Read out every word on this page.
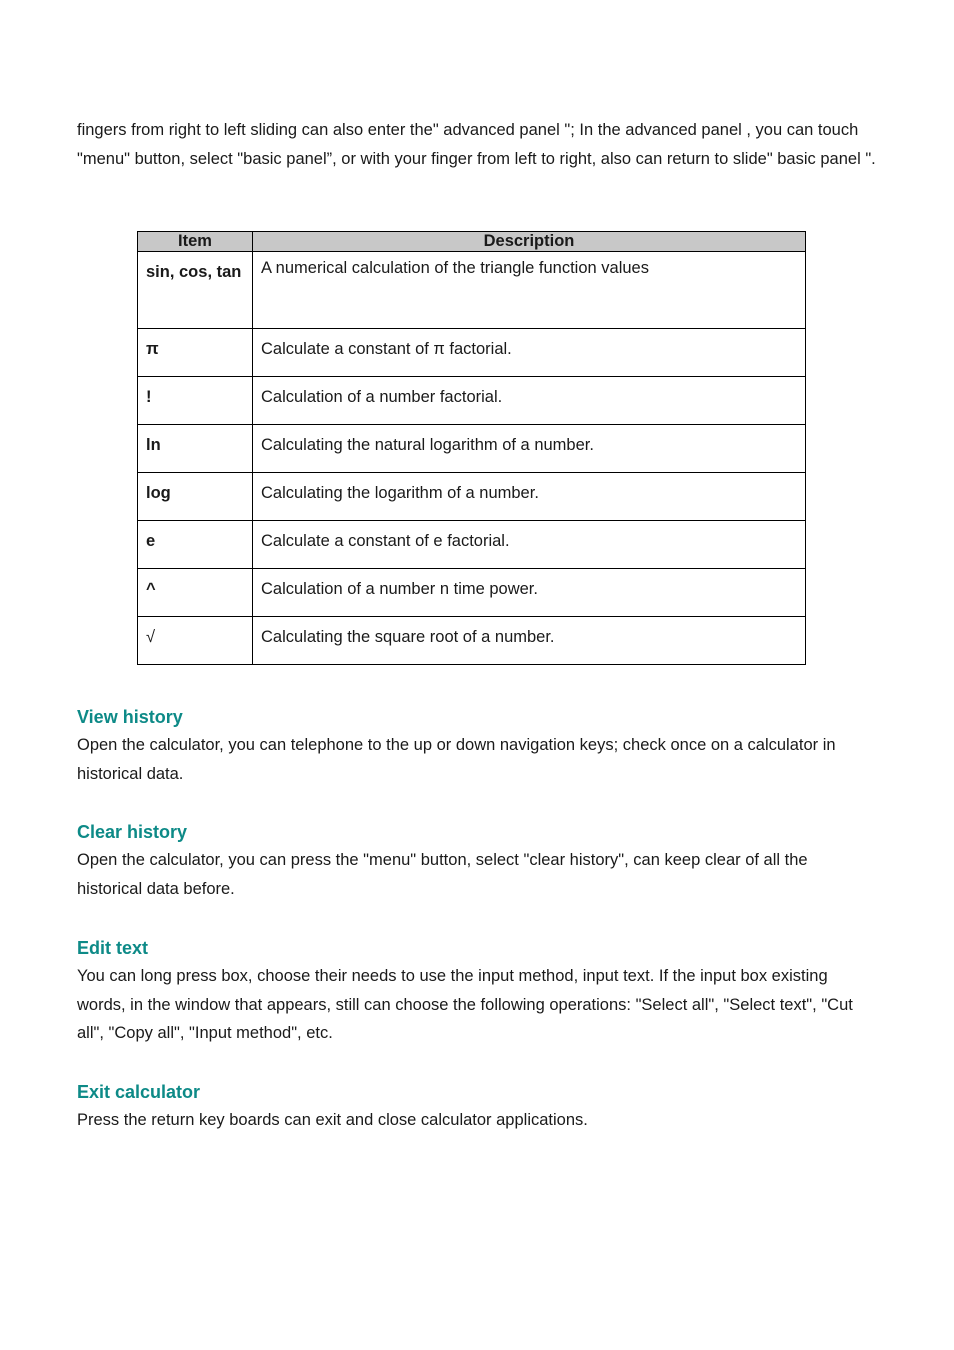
fingers from right to left sliding can also enter the" advanced panel "; In the advanced panel , you can touch "menu" button, select "basic panel”, or with your finger from left to right, also can return to slide" basic panel ".

Item	Description
sin, cos, tan	A numerical calculation of the triangle function values
π	Calculate a constant of π factorial.
!	Calculation of a number factorial.
ln	Calculating the natural logarithm of a number.
log	Calculating the logarithm of a number.
e	Calculate a constant of e factorial.
^	Calculation of a number n time power.
√	Calculating the square root of a number.
View history

Open the calculator, you can telephone to the up or down navigation keys; check once on a calculator in historical data.

Clear history

Open the calculator, you can press the "menu" button, select "clear history", can keep clear of all the historical data before.

Edit text

You can long press box, choose their needs to use the input method, input text. If the input box existing words, in the window that appears, still can choose the following operations: "Select all", "Select text", "Cut all", "Copy all", "Input method", etc.

Exit calculator

Press the return key boards can exit and close calculator applications.
